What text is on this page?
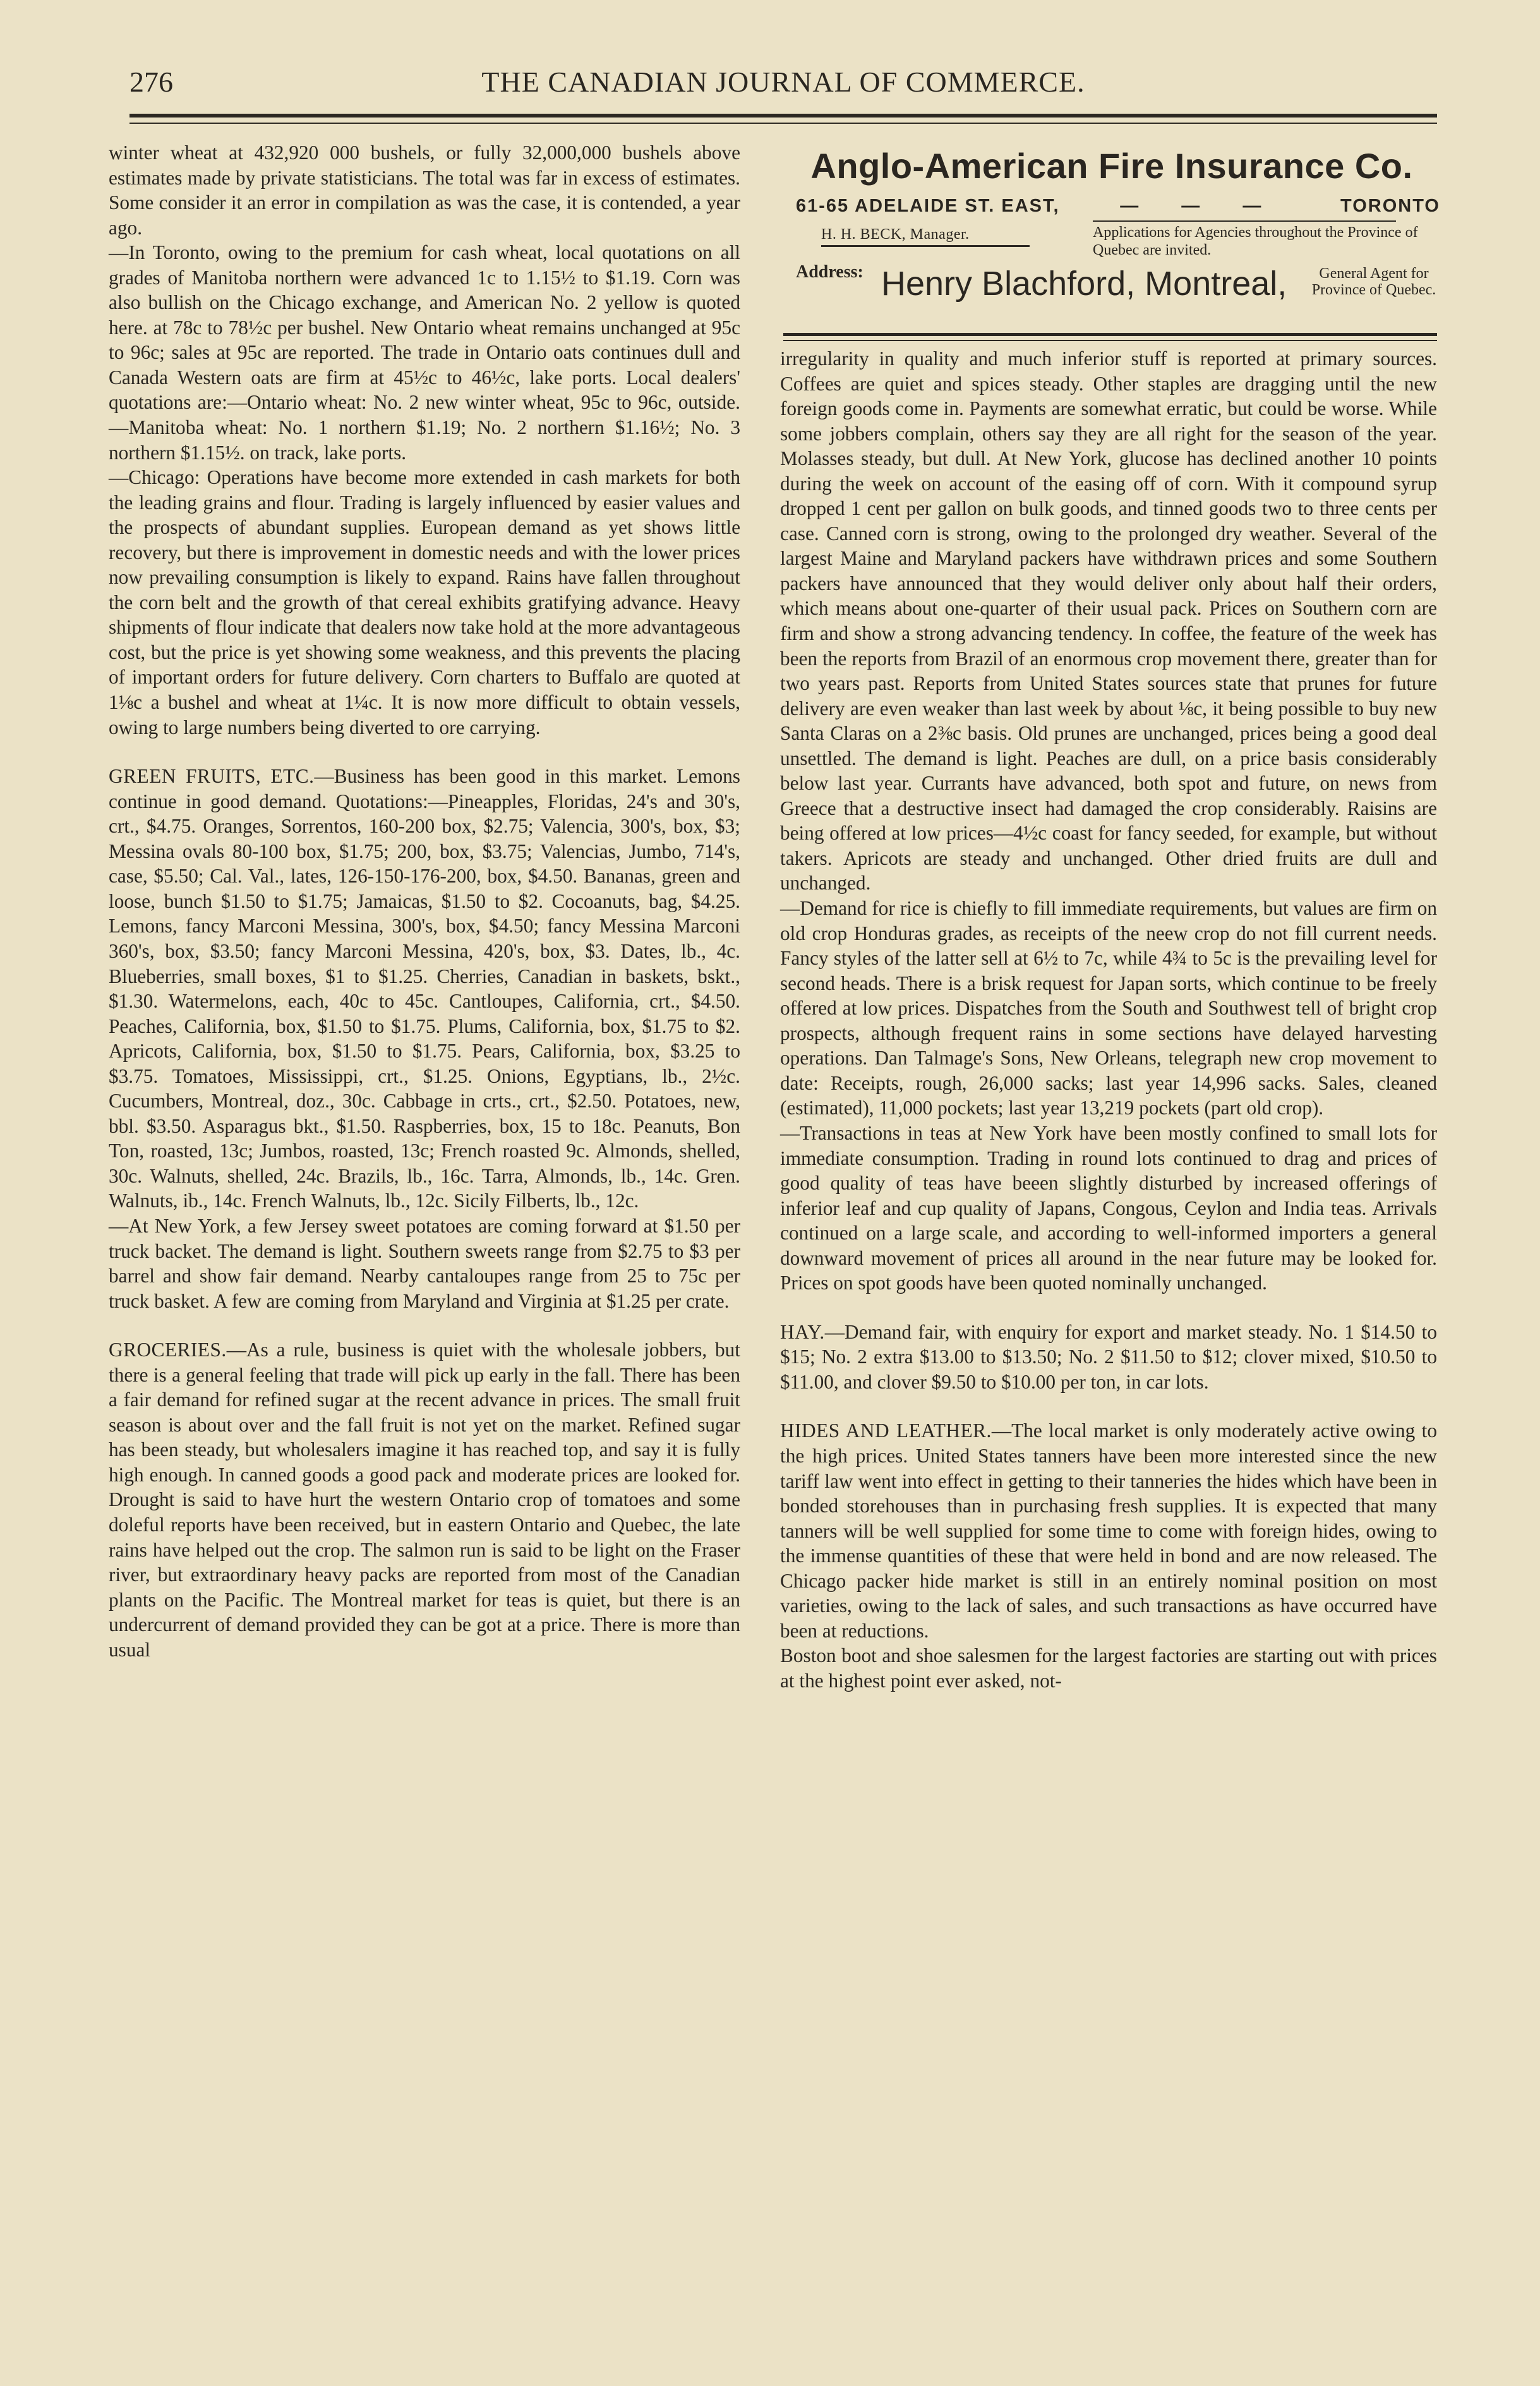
276	THE CANADIAN JOURNAL OF COMMERCE.

winter wheat at 432,920 000 bushels, or fully 32,000,000 bushels above estimates made by private statisticians. The total was far in excess of estimates. Some consider it an error in compilation as was the case, it is contended, a year ago.

—In Toronto, owing to the premium for cash wheat, local quotations on all grades of Manitoba northern were advanced 1c to 1.15½ to $1.19. Corn was also bullish on the Chicago exchange, and American No. 2 yellow is quoted here. at 78c to 78½c per bushel. New Ontario wheat remains unchanged at 95c to 96c; sales at 95c are reported. The trade in Ontario oats continues dull and Canada Western oats are firm at 45½c to 46½c, lake ports. Local dealers' quotations are:—Ontario wheat: No. 2 new winter wheat, 95c to 96c, outside.—Manitoba wheat: No. 1 northern $1.19; No. 2 northern $1.16½; No. 3 northern $1.15½. on track, lake ports.

—Chicago: Operations have become more extended in cash markets for both the leading grains and flour. Trading is largely influenced by easier values and the prospects of abundant supplies. European demand as yet shows little recovery, but there is improvement in domestic needs and with the lower prices now prevailing consumption is likely to expand. Rains have fallen throughout the corn belt and the growth of that cereal exhibits gratifying advance. Heavy shipments of flour indicate that dealers now take hold at the more advantageous cost, but the price is yet showing some weakness, and this prevents the placing of important orders for future delivery. Corn charters to Buffalo are quoted at 1⅛c a bushel and wheat at 1¼c. It is now more difficult to obtain vessels, owing to large numbers being diverted to ore carrying.

GREEN FRUITS, ETC.—Business has been good in this market. Lemons continue in good demand. Quotations:—Pineapples, Floridas, 24's and 30's, crt., $4.75. Oranges, Sorrentos, 160-200 box, $2.75; Valencia, 300's, box, $3; Messina ovals 80-100 box, $1.75; 200, box, $3.75; Valencias, Jumbo, 714's, case, $5.50; Cal. Val., lates, 126-150-176-200, box, $4.50. Bananas, green and loose, bunch $1.50 to $1.75; Jamaicas, $1.50 to $2. Cocoanuts, bag, $4.25. Lemons, fancy Marconi Messina, 300's, box, $4.50; fancy Messina Marconi 360's, box, $3.50; fancy Marconi Messina, 420's, box, $3. Dates, lb., 4c. Blueberries, small boxes, $1 to $1.25. Cherries, Canadian in baskets, bskt., $1.30. Watermelons, each, 40c to 45c. Cantloupes, California, crt., $4.50. Peaches, California, box, $1.50 to $1.75. Plums, California, box, $1.75 to $2. Apricots, California, box, $1.50 to $1.75. Pears, California, box, $3.25 to $3.75. Tomatoes, Mississippi, crt., $1.25. Onions, Egyptians, lb., 2½c. Cucumbers, Montreal, doz., 30c. Cabbage in crts., crt., $2.50. Potatoes, new, bbl. $3.50. Asparagus bkt., $1.50. Raspberries, box, 15 to 18c. Peanuts, Bon Ton, roasted, 13c; Jumbos, roasted, 13c; French roasted 9c. Almonds, shelled, 30c. Walnuts, shelled, 24c. Brazils, lb., 16c. Tarra, Almonds, lb., 14c. Gren. Walnuts, ib., 14c. French Walnuts, lb., 12c. Sicily Filberts, lb., 12c.

—At New York, a few Jersey sweet potatoes are coming forward at $1.50 per truck backet. The demand is light. Southern sweets range from $2.75 to $3 per barrel and show fair demand. Nearby cantaloupes range from 25 to 75c per truck basket. A few are coming from Maryland and Virginia at $1.25 per crate.

GROCERIES.—As a rule, business is quiet with the wholesale jobbers, but there is a general feeling that trade will pick up early in the fall. There has been a fair demand for refined sugar at the recent advance in prices. The small fruit season is about over and the fall fruit is not yet on the market. Refined sugar has been steady, but wholesalers imagine it has reached top, and say it is fully high enough. In canned goods a good pack and moderate prices are looked for. Drought is said to have hurt the western Ontario crop of tomatoes and some doleful reports have been received, but in eastern Ontario and Quebec, the late rains have helped out the crop. The salmon run is said to be light on the Fraser river, but extraordinary heavy packs are reported from most of the Canadian plants on the Pacific. The Montreal market for teas is quiet, but there is an undercurrent of demand provided they can be got at a price. There is more than usual

Anglo-American Fire Insurance Co.
61-65 ADELAIDE ST. EAST,	— — —	TORONTO
H. H. BECK, Manager.	Applications for Agencies throughout the Province of Quebec are invited.
Address: Henry Blachford, Montreal,	General Agent for Province of Quebec.

irregularity in quality and much inferior stuff is reported at primary sources. Coffees are quiet and spices steady. Other staples are dragging until the new foreign goods come in. Payments are somewhat erratic, but could be worse. While some jobbers complain, others say they are all right for the season of the year. Molasses steady, but dull. At New York, glucose has declined another 10 points during the week on account of the easing off of corn. With it compound syrup dropped 1 cent per gallon on bulk goods, and tinned goods two to three cents per case. Canned corn is strong, owing to the prolonged dry weather. Several of the largest Maine and Maryland packers have withdrawn prices and some Southern packers have announced that they would deliver only about half their orders, which means about one-quarter of their usual pack. Prices on Southern corn are firm and show a strong advancing tendency. In coffee, the feature of the week has been the reports from Brazil of an enormous crop movement there, greater than for two years past. Reports from United States sources state that prunes for future delivery are even weaker than last week by about ⅛c, it being possible to buy new Santa Claras on a 2⅜c basis. Old prunes are unchanged, prices being a good deal unsettled. The demand is light. Peaches are dull, on a price basis considerably below last year. Currants have advanced, both spot and future, on news from Greece that a destructive insect had damaged the crop considerably. Raisins are being offered at low prices—4½c coast for fancy seeded, for example, but without takers. Apricots are steady and unchanged. Other dried fruits are dull and unchanged.

—Demand for rice is chiefly to fill immediate requirements, but values are firm on old crop Honduras grades, as receipts of the neew crop do not fill current needs. Fancy styles of the latter sell at 6½ to 7c, while 4¾ to 5c is the prevailing level for second heads. There is a brisk request for Japan sorts, which continue to be freely offered at low prices. Dispatches from the South and Southwest tell of bright crop prospects, although frequent rains in some sections have delayed harvesting operations. Dan Talmage's Sons, New Orleans, telegraph new crop movement to date: Receipts, rough, 26,000 sacks; last year 14,996 sacks. Sales, cleaned (estimated), 11,000 pockets; last year 13,219 pockets (part old crop).

—Transactions in teas at New York have been mostly confined to small lots for immediate consumption. Trading in round lots continued to drag and prices of good quality of teas have beeen slightly disturbed by increased offerings of inferior leaf and cup quality of Japans, Congous, Ceylon and India teas. Arrivals continued on a large scale, and according to well-informed importers a general downward movement of prices all around in the near future may be looked for. Prices on spot goods have been quoted nominally unchanged.

HAY.—Demand fair, with enquiry for export and market steady. No. 1 $14.50 to $15; No. 2 extra $13.00 to $13.50; No. 2 $11.50 to $12; clover mixed, $10.50 to $11.00, and clover $9.50 to $10.00 per ton, in car lots.

HIDES AND LEATHER.—The local market is only moderately active owing to the high prices. United States tanners have been more interested since the new tariff law went into effect in getting to their tanneries the hides which have been in bonded storehouses than in purchasing fresh supplies. It is expected that many tanners will be well supplied for some time to come with foreign hides, owing to the immense quantities of these that were held in bond and are now released. The Chicago packer hide market is still in an entirely nominal position on most varieties, owing to the lack of sales, and such transactions as have occurred have been at reductions.

Boston boot and shoe salesmen for the largest factories are starting out with prices at the highest point ever asked, not-
